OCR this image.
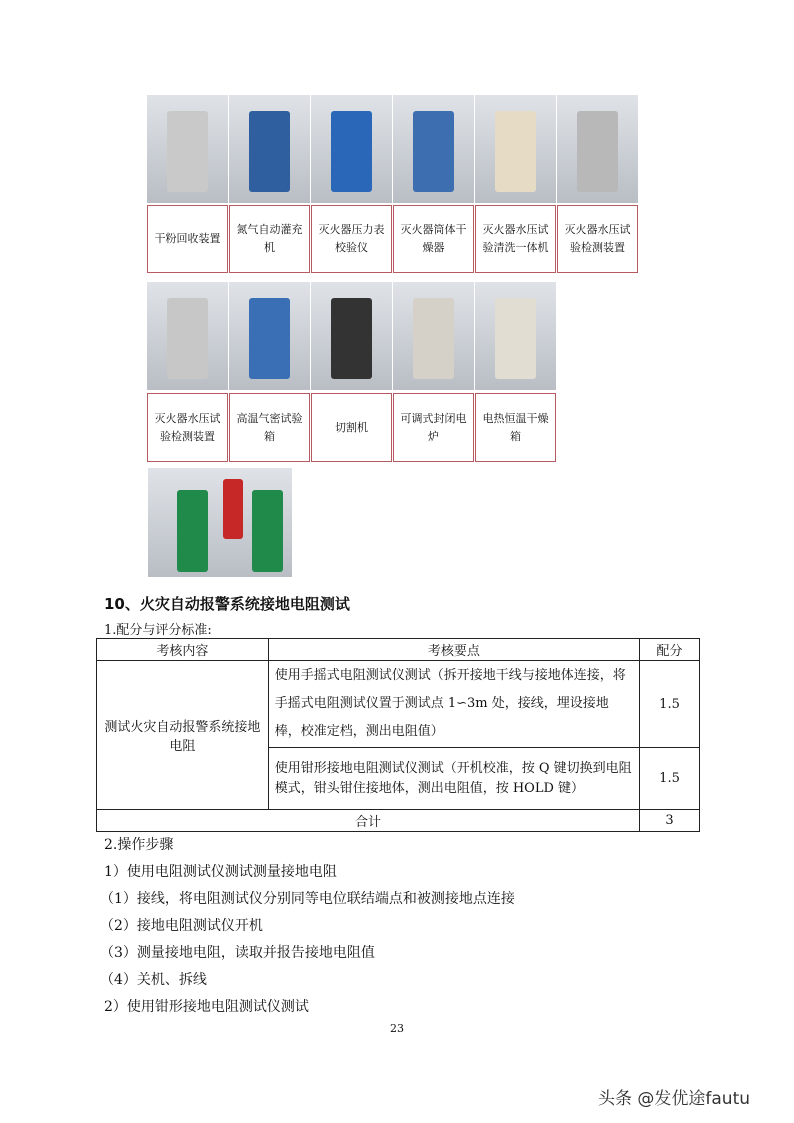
干粉回收装置
氮气自动灌充机
灭火器压力表校验仪
灭火器筒体干燥器
灭火器水压试验清洗一体机
灭火器水压试验检测装置
灭火器水压试验检测装置
高温气密试验箱
切割机
可调式封闭电炉
电热恒温干燥箱
10、火灾自动报警系统接地电阻测试
1.配分与评分标准:
考核内容	考核要点	配分
测试火灾自动报警系统接地电阻	使用手摇式电阻测试仪测试（拆开接地干线与接地体连接，将手摇式电阻测试仪置于测试点 1∽3m 处，接线，埋设接地棒，校准定档，测出电阻值）	1.5
	使用钳形接地电阻测试仪测试（开机校准，按 Q 键切换到电阻模式，钳头钳住接地体，测出电阻值，按 HOLD 键）	1.5
合计		3
2.操作步骤
1）使用电阻测试仪测试测量接地电阻
（1）接线，将电阻测试仪分别同等电位联结端点和被测接地点连接
（2）接地电阻测试仪开机
（3）测量接地电阻，读取并报告接地电阻值
（4）关机、拆线
2）使用钳形接地电阻测试仪测试
23
头条 @发优途fautu
